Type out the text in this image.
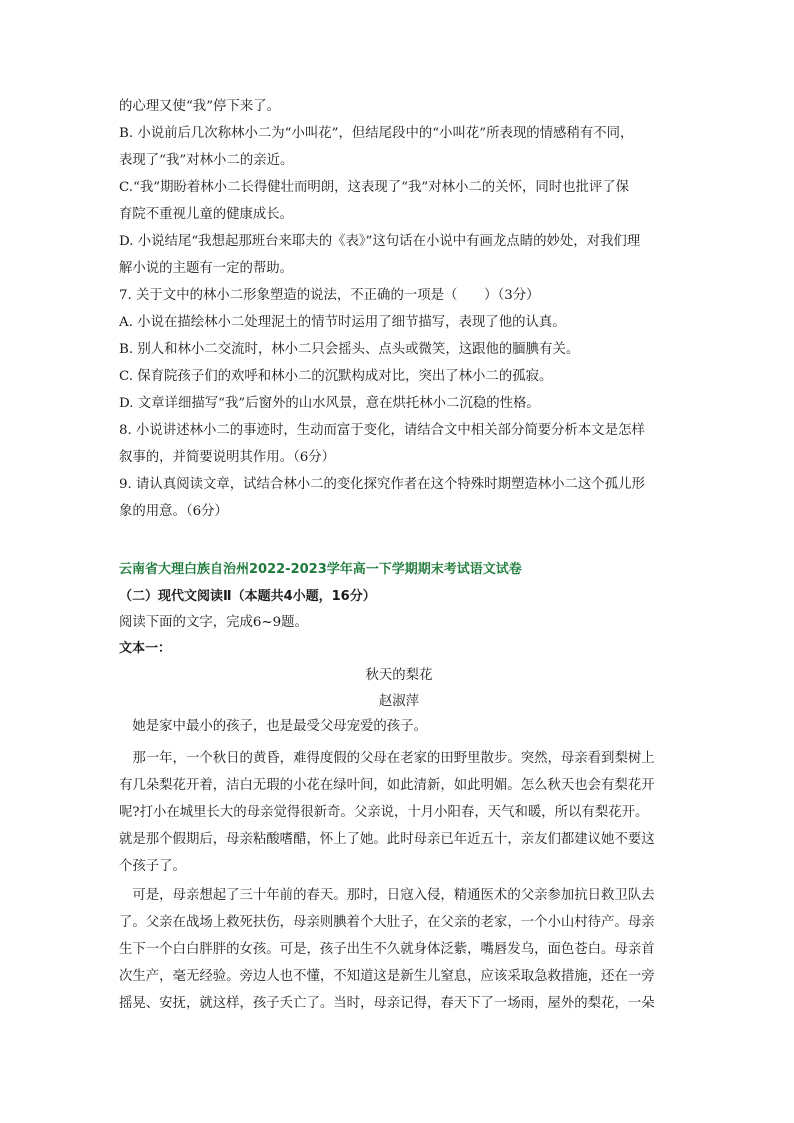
的心理又使“我”停下来了。
B. 小说前后几次称林小二为“小叫花”，但结尾段中的“小叫花”所表现的情感稍有不同，
表现了“我”对林小二的亲近。
C.“我”期盼着林小二长得健壮而明朗，这表现了“我”对林小二的关怀，同时也批评了保
育院不重视儿童的健康成长。
D. 小说结尾“我想起那班台来耶夫的《表》”这句话在小说中有画龙点睛的妙处，对我们理
解小说的主题有一定的帮助。
7. 关于文中的林小二形象塑造的说法，不正确的一项是（　　）（3分）
A. 小说在描绘林小二处理泥土的情节时运用了细节描写，表现了他的认真。
B. 别人和林小二交流时，林小二只会摇头、点头或微笑，这跟他的腼腆有关。
C. 保育院孩子们的欢呼和林小二的沉默构成对比，突出了林小二的孤寂。
D. 文章详细描写“我”后窗外的山水风景，意在烘托林小二沉稳的性格。
8. 小说讲述林小二的事迹时，生动而富于变化，请结合文中相关部分简要分析本文是怎样
叙事的，并简要说明其作用。（6分）
9. 请认真阅读文章，试结合林小二的变化探究作者在这个特殊时期塑造林小二这个孤儿形
象的用意。（6分）
云南省大理白族自治州2022-2023学年高一下学期期末考试语文试卷
（二）现代文阅读Ⅱ（本题共4小题，16分）
阅读下面的文字，完成6~9题。
文本一：
秋天的梨花
赵淑萍
　她是家中最小的孩子，也是最受父母宠爱的孩子。
　那一年，一个秋日的黄昏，难得度假的父母在老家的田野里散步。突然，母亲看到梨树上
有几朵梨花开着，洁白无瑕的小花在绿叶间，如此清新，如此明媚。怎么秋天也会有梨花开
呢?打小在城里长大的母亲觉得很新奇。父亲说，十月小阳春，天气和暖，所以有梨花开。
就是那个假期后，母亲粘酸嗜醋，怀上了她。此时母亲已年近五十，亲友们都建议她不要这
个孩子了。
　可是，母亲想起了三十年前的春天。那时，日寇入侵，精通医术的父亲参加抗日救卫队去
了。父亲在战场上救死扶伤，母亲则腆着个大肚子，在父亲的老家，一个小山村待产。母亲
生下一个白白胖胖的女孩。可是，孩子出生不久就身体泛紫，嘴唇发乌，面色苍白。母亲首
次生产，毫无经验。旁边人也不懂，不知道这是新生儿窒息，应该采取急救措施，还在一旁
摇晃、安抚，就这样，孩子夭亡了。当时，母亲记得，春天下了一场雨，屋外的梨花，一朵
